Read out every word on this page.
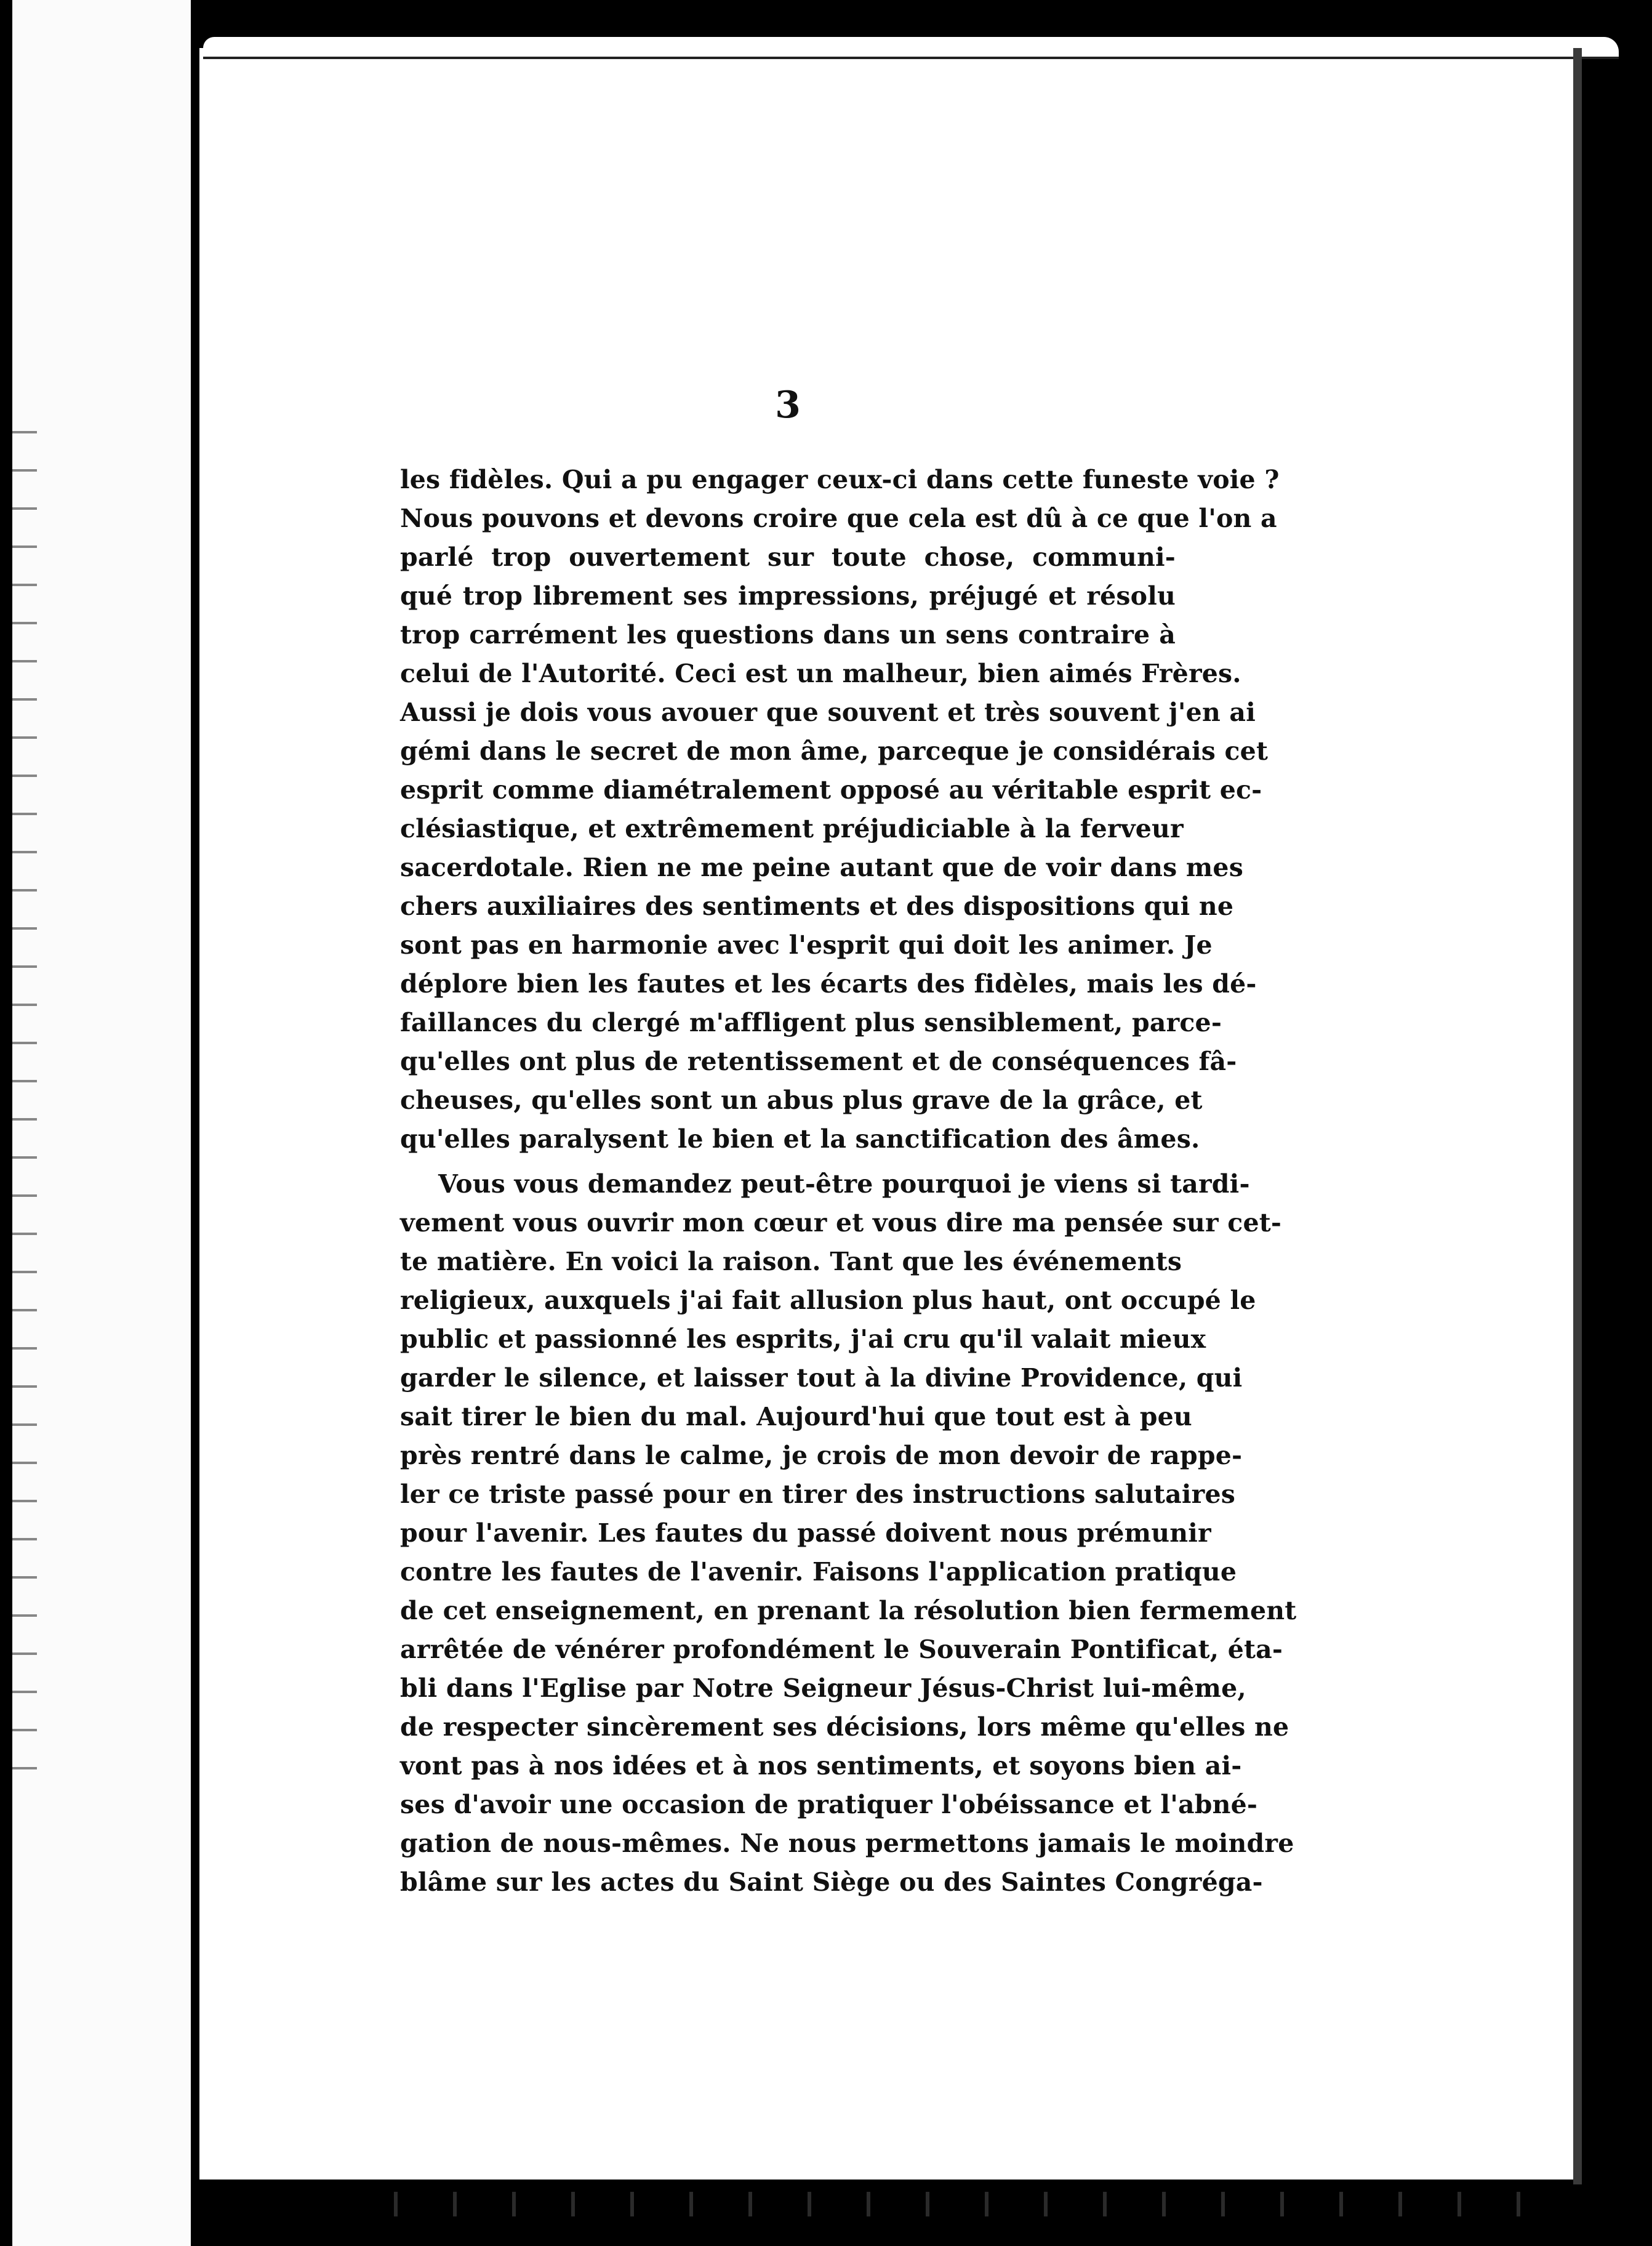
3
les fidèles. Qui a pu engager ceux-ci dans cette funeste voie ?
Nous pouvons et devons croire que cela est dû à ce que l'on a
parlé trop ouvertement sur toute chose, communi-
qué trop librement ses impressions, préjugé et résolu
trop carrément les questions dans un sens contraire à
celui de l'Autorité. Ceci est un malheur, bien aimés Frères.
Aussi je dois vous avouer que souvent et très souvent j'en ai
gémi dans le secret de mon âme, parceque je considérais cet
esprit comme diamétralement opposé au véritable esprit ec-
clésiastique, et extrêmement préjudiciable à la ferveur
sacerdotale. Rien ne me peine autant que de voir dans mes
chers auxiliaires des sentiments et des dispositions qui ne
sont pas en harmonie avec l'esprit qui doit les animer. Je
déplore bien les fautes et les écarts des fidèles, mais les dé-
faillances du clergé m'affligent plus sensiblement, parce-
qu'elles ont plus de retentissement et de conséquences fâ-
cheuses, qu'elles sont un abus plus grave de la grâce, et
qu'elles paralysent le bien et la sanctification des âmes.
Vous vous demandez peut-être pourquoi je viens si tardi-
vement vous ouvrir mon cœur et vous dire ma pensée sur cet-
te matière. En voici la raison. Tant que les événements
religieux, auxquels j'ai fait allusion plus haut, ont occupé le
public et passionné les esprits, j'ai cru qu'il valait mieux
garder le silence, et laisser tout à la divine Providence, qui
sait tirer le bien du mal. Aujourd'hui que tout est à peu
près rentré dans le calme, je crois de mon devoir de rappe-
ler ce triste passé pour en tirer des instructions salutaires
pour l'avenir. Les fautes du passé doivent nous prémunir
contre les fautes de l'avenir. Faisons l'application pratique
de cet enseignement, en prenant la résolution bien fermement
arrêtée de vénérer profondément le Souverain Pontificat, éta-
bli dans l'Eglise par Notre Seigneur Jésus-Christ lui-même,
de respecter sincèrement ses décisions, lors même qu'elles ne
vont pas à nos idées et à nos sentiments, et soyons bien ai-
ses d'avoir une occasion de pratiquer l'obéissance et l'abné-
gation de nous-mêmes. Ne nous permettons jamais le moindre
blâme sur les actes du Saint Siège ou des Saintes Congréga-
